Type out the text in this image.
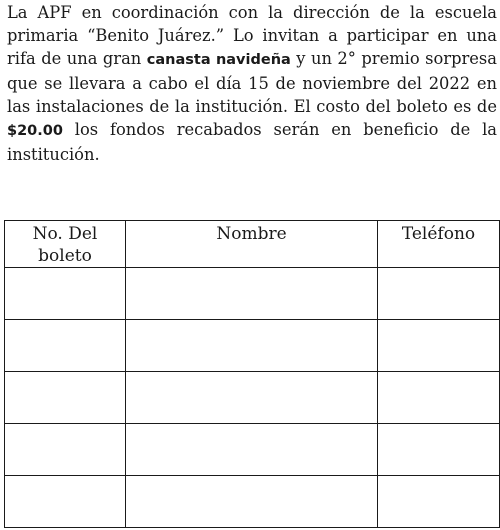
La APF en coordinación con la dirección de la escuela primaria “Benito Juárez.” Lo invitan a participar en una rifa de una gran canasta navideña y un 2° premio sorpresa que se llevara a cabo el día 15 de noviembre del 2022 en las instalaciones de la institución. El costo del boleto es de $20.00 los fondos recabados serán en beneficio de la institución.

No. Del boleto	Nombre	Teléfono
